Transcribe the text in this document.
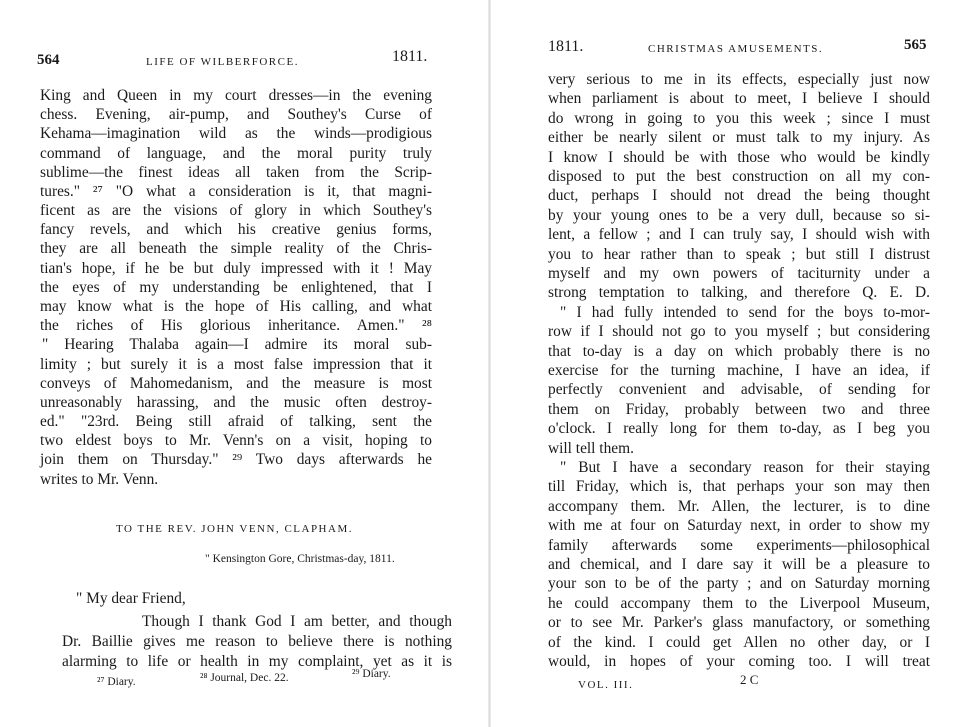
564	LIFE OF WILBERFORCE.	1811.
King and Queen in my court dresses—in the evening
chess. Evening, air-pump, and Southey's Curse of
Kehama—imagination wild as the winds—prodigious
command of language, and the moral purity truly
sublime—the finest ideas all taken from the Scrip-
tures." ²⁷ "O what a consideration is it, that magni-
ficent as are the visions of glory in which Southey's
fancy revels, and which his creative genius forms,
they are all beneath the simple reality of the Chris-
tian's hope, if he be but duly impressed with it ! May
the eyes of my understanding be enlightened, that I
may know what is the hope of His calling, and what
the riches of His glorious inheritance. Amen." ²⁸
" Hearing Thalaba again—I admire its moral sub-
limity ; but surely it is a most false impression that it
conveys of Mahomedanism, and the measure is most
unreasonably harassing, and the music often destroy-
ed." "23rd. Being still afraid of talking, sent the
two eldest boys to Mr. Venn's on a visit, hoping to
join them on Thursday." ²⁹ Two days afterwards he
writes to Mr. Venn.
TO THE REV. JOHN VENN, CLAPHAM.
" Kensington Gore, Christmas-day, 1811.
" My dear Friend,
Though I thank God I am better, and though
Dr. Baillie gives me reason to believe there is nothing
alarming to life or health in my complaint, yet as it is
²⁷ Diary.	²⁸ Journal, Dec. 22.	²⁹ Diary.
1811.	CHRISTMAS AMUSEMENTS.	565
very serious to me in its effects, especially just now
when parliament is about to meet, I believe I should
do wrong in going to you this week ; since I must
either be nearly silent or must talk to my injury. As
I know I should be with those who would be kindly
disposed to put the best construction on all my con-
duct, perhaps I should not dread the being thought
by your young ones to be a very dull, because so si-
lent, a fellow ; and I can truly say, I should wish with
you to hear rather than to speak ; but still I distrust
myself and my own powers of taciturnity under a
strong temptation to talking, and therefore Q. E. D.
" I had fully intended to send for the boys to-mor-
row if I should not go to you myself ; but considering
that to-day is a day on which probably there is no
exercise for the turning machine, I have an idea, if
perfectly convenient and advisable, of sending for
them on Friday, probably between two and three
o'clock. I really long for them to-day, as I beg you
will tell them.
" But I have a secondary reason for their staying
till Friday, which is, that perhaps your son may then
accompany them. Mr. Allen, the lecturer, is to dine
with me at four on Saturday next, in order to show my
family afterwards some experiments—philosophical
and chemical, and I dare say it will be a pleasure to
your son to be of the party ; and on Saturday morning
he could accompany them to the Liverpool Museum,
or to see Mr. Parker's glass manufactory, or something
of the kind. I could get Allen no other day, or I
would, in hopes of your coming too. I will treat
VOL. III.	2 C
